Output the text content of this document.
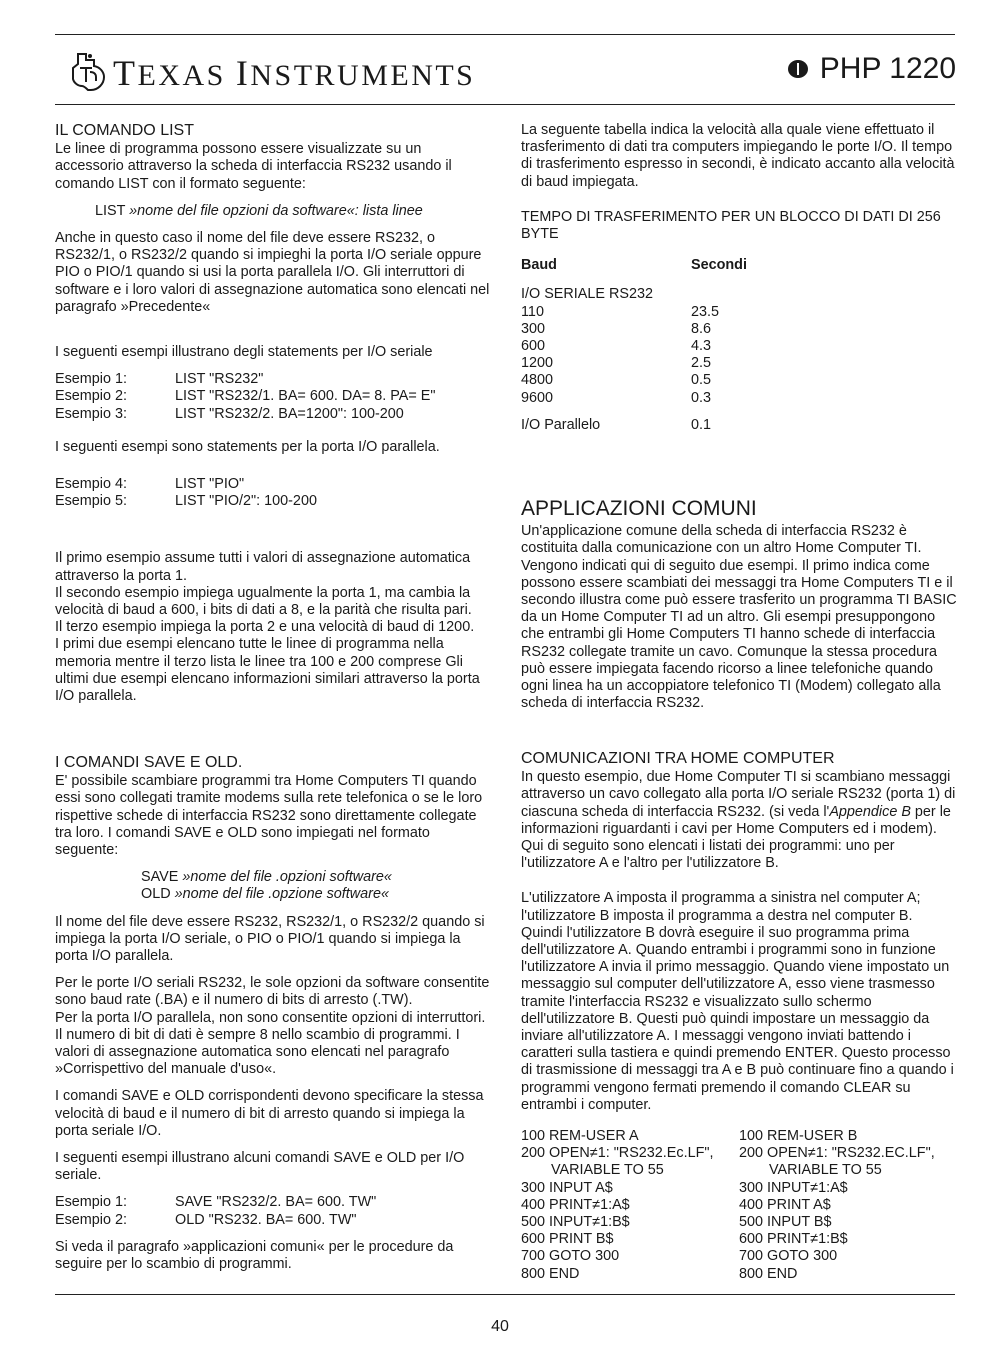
TEXAS INSTRUMENTS	PHP 1220
IL COMANDO LIST

Le linee di programma possono essere visualizzate su un accessorio attraverso la scheda di interfaccia RS232 usando il comando LIST con il formato seguente:

LIST »nome del file opzioni da software«: lista linee

Anche in questo caso il nome del file deve essere RS232, o RS232/1, o RS232/2 quando si impieghi la porta I/O seriale oppure PIO o PIO/1 quando si usi la porta parallela I/O. Gli interruttori di software e i loro valori di assegnazione automatica sono elencati nel paragrafo »Precedente«

I seguenti esempi illustrano degli statements per I/O seriale

Esempio 1:	LIST "RS232"
Esempio 2:	LIST "RS232/1. BA= 600. DA= 8. PA= E"
Esempio 3:	LIST "RS232/2. BA=1200": 100-200

I seguenti esempi sono statements per la porta I/O parallela.

Esempio 4:	LIST "PIO"
Esempio 5:	LIST "PIO/2": 100-200

Il primo esempio assume tutti i valori di assegnazione automatica attraverso la porta 1.

Il secondo esempio impiega ugualmente la porta 1, ma cambia la velocità di baud a 600, i bits di dati a 8, e la parità che risulta pari.

Il terzo esempio impiega la porta 2 e una velocità di baud di 1200.

I primi due esempi elencano tutte le linee di programma nella memoria mentre il terzo lista le linee tra 100 e 200 comprese Gli ultimi due esempi elencano informazioni similari attraverso la porta I/O parallela.

I COMANDI SAVE E OLD.

E' possibile scambiare programmi tra Home Computers TI quando essi sono collegati tramite modems sulla rete telefonica o se le loro rispettive schede di interfaccia RS232 sono direttamente collegate tra loro. I comandi SAVE e OLD sono impiegati nel formato seguente:

SAVE »nome del file .opzioni software«

OLD »nome del file .opzione software«

Il nome del file deve essere RS232, RS232/1, o RS232/2 quando si impiega la porta I/O seriale, o PIO o PIO/1 quando si impiega la porta I/O parallela.

Per le porte I/O seriali RS232, le sole opzioni da software consentite sono baud rate (.BA) e il numero di bits di arresto (.TW).

Per la porta I/O parallela, non sono consentite opzioni di interruttori. Il numero di bit di dati è sempre 8 nello scambio di programmi. I valori di assegnazione automatica sono elencati nel paragrafo »Corrispettivo del manuale d'uso«.

I comandi SAVE e OLD corrispondenti devono specificare la stessa velocità di baud e il numero di bit di arresto quando si impiega la porta seriale I/O.

I seguenti esempi illustrano alcuni comandi SAVE e OLD per I/O seriale.

Esempio 1:	SAVE "RS232/2. BA= 600. TW"
Esempio 2:	OLD "RS232. BA= 600. TW"

Si veda il paragrafo »applicazioni comuni« per le procedure da seguire per lo scambio di programmi.

La seguente tabella indica la velocità alla quale viene effettuato il trasferimento di dati tra computers impiegando le porte I/O. Il tempo di trasferimento espresso in secondi, è indicato accanto alla velocità di baud impiegata.

TEMPO DI TRASFERIMENTO PER UN BLOCCO DI DATI DI 256 BYTE

Baud	Secondi

I/O SERIALE RS232

110	23.5
300	8.6
600	4.3
1200	2.5
4800	0.5
9600	0.3
I/O Parallelo	0.1
APPLICAZIONI COMUNI

Un'applicazione comune della scheda di interfaccia RS232 è costituita dalla comunicazione con un altro Home Computer TI. Vengono indicati qui di seguito due esempi. Il primo indica come possono essere scambiati dei messaggi tra Home Computers TI e il secondo illustra come può essere trasferito un programma TI BASIC da un Home Computer TI ad un altro. Gli esempi presuppongono che entrambi gli Home Computers TI hanno schede di interfaccia RS232 collegate tramite un cavo. Comunque la stessa procedura può essere impiegata facendo ricorso a linee telefoniche quando ogni linea ha un accoppiatore telefonico TI (Modem) collegato alla scheda di interfaccia RS232.

COMUNICAZIONI TRA HOME COMPUTER

In questo esempio, due Home Computer TI si scambiano messaggi attraverso un cavo collegato alla porta I/O seriale RS232 (porta 1) di ciascuna scheda di interfaccia RS232. (si veda l'Appendice B per le informazioni riguardanti i cavi per Home Computers ed i modem). Qui di seguito sono elencati i listati dei programmi: uno per l'utilizzatore A e l'altro per l'utilizzatore B.

L'utilizzatore A imposta il programma a sinistra nel computer A; l'utilizzatore B imposta il programma a destra nel computer B. Quindi l'utilizzatore B dovrà eseguire il suo programma prima dell'utilizzatore A. Quando entrambi i programmi sono in funzione l'utilizzatore A invia il primo messaggio. Quando viene impostato un messaggio sul computer dell'utilizzatore A, esso viene trasmesso tramite l'interfaccia RS232 e visualizzato sullo schermo dell'utilizzatore B. Questi può quindi impostare un messaggio da inviare all'utilizzatore A. I messaggi vengono inviati battendo i caratteri sulla tastiera e quindi premendo ENTER. Questo processo di trasmissione di messaggi tra A e B può continuare fino a quando i programmi vengono fermati premendo il comando CLEAR su entrambi i computer.

100 REM-USER A
200 OPEN≠1: "RS232.Ec.LF",
VARIABLE TO 55
300 INPUT A$
400 PRINT≠1:A$
500 INPUT≠1:B$
600 PRINT B$
700 GOTO 300
800 END
100 REM-USER B
200 OPEN≠1: "RS232.EC.LF",
VARIABLE TO 55
300 INPUT≠1:A$
400 PRINT A$
500 INPUT B$
600 PRINT≠1:B$
700 GOTO 300
800 END
40
